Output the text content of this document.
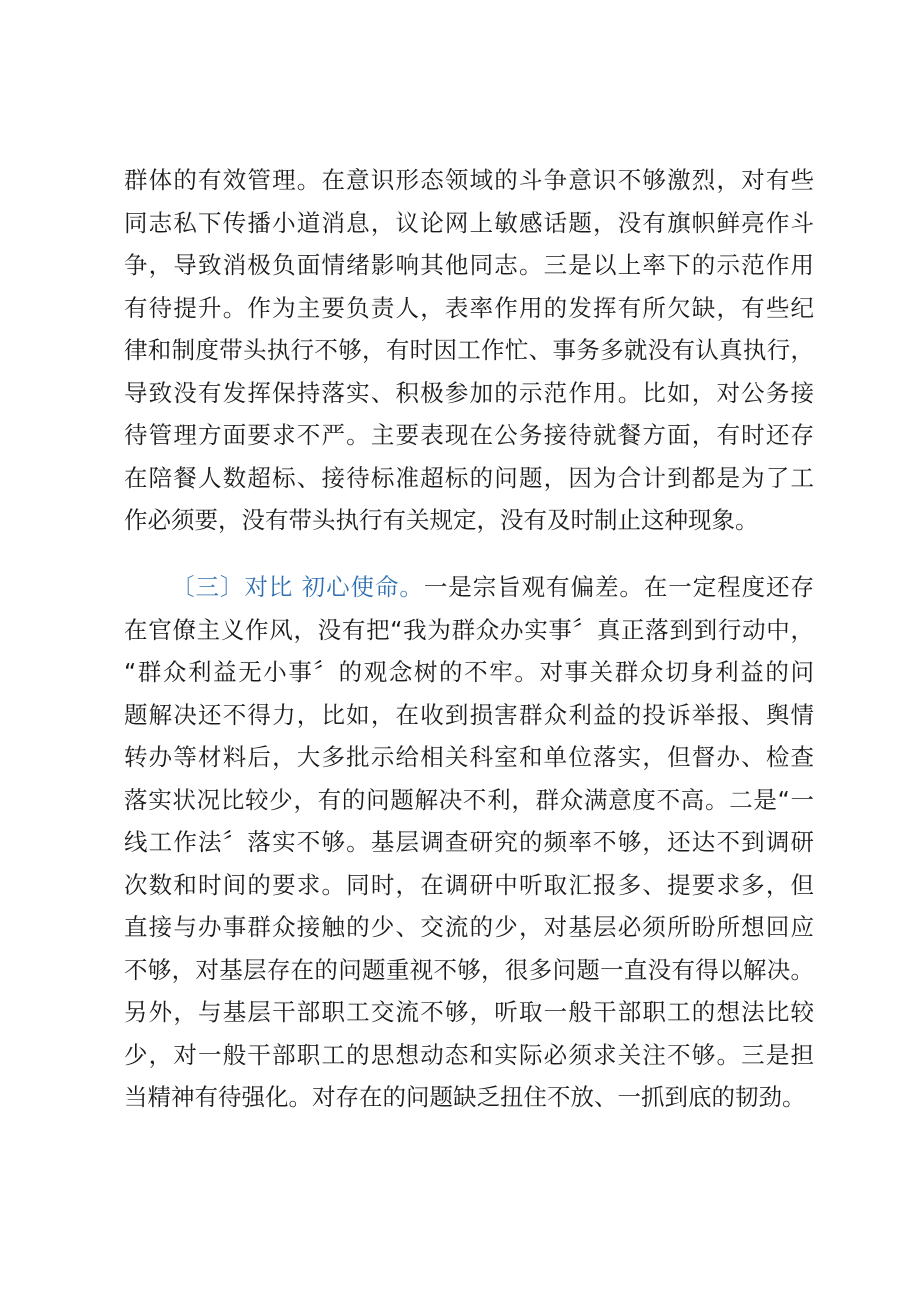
群体的有效管理。在意识形态领域的斗争意识不够激烈，对有些
同志私下传播小道消息，议论网上敏感话题，没有旗帜鲜亮作斗
争，导致消极负面情绪影响其他同志。三是以上率下的示范作用
有待提升。作为主要负责人，表率作用的发挥有所欠缺，有些纪
律和制度带头执行不够，有时因工作忙、事务多就没有认真执行，
导致没有发挥保持落实、积极参加的示范作用。比如，对公务接
待管理方面要求不严。主要表现在公务接待就餐方面，有时还存
在陪餐人数超标、接待标准超标的问题，因为合计到都是为了工
作必须要，没有带头执行有关规定，没有及时制止这种现象。
〔三〕对比 初心使命。一是宗旨观有偏差。在一定程度还存
在官僚主义作风，没有把“我为群众办实事〞真正落到到行动中，
“群众利益无小事〞的观念树的不牢。对事关群众切身利益的问
题解决还不得力，比如，在收到损害群众利益的投诉举报、舆情
转办等材料后，大多批示给相关科室和单位落实，但督办、检查
落实状况比较少，有的问题解决不利，群众满意度不高。二是“一
线工作法〞落实不够。基层调查研究的频率不够，还达不到调研
次数和时间的要求。同时，在调研中听取汇报多、提要求多，但
直接与办事群众接触的少、交流的少，对基层必须所盼所想回应
不够，对基层存在的问题重视不够，很多问题一直没有得以解决。
另外，与基层干部职工交流不够，听取一般干部职工的想法比较
少，对一般干部职工的思想动态和实际必须求关注不够。三是担
当精神有待强化。对存在的问题缺乏扭住不放、一抓到底的韧劲。
